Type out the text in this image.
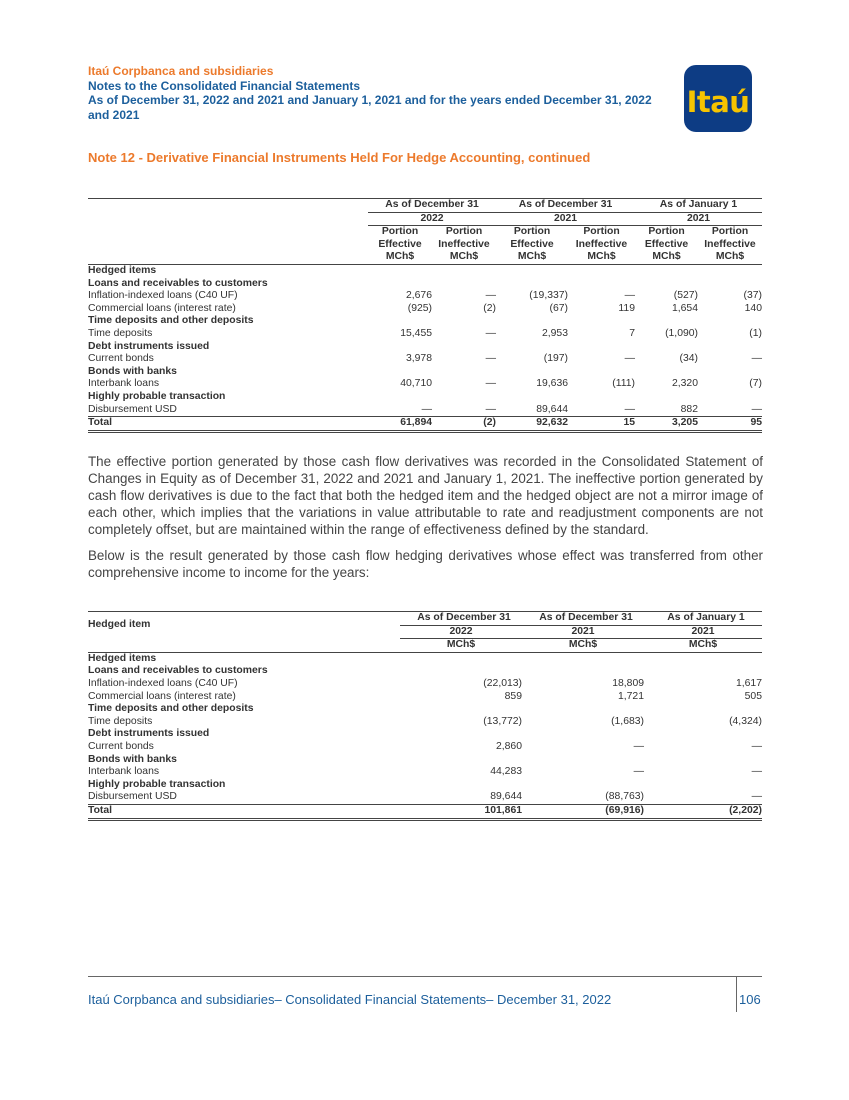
Itaú Corpbanca and subsidiaries
Notes to the Consolidated Financial Statements
As of December 31, 2022 and 2021 and January 1, 2021 and for the years ended December 31, 2022
and 2021	Itaú
Note 12 - Derivative Financial Instruments Held For Hedge Accounting, continued

	As of December 31		As of December 31		As of January 1	
	2022		2021		2021	
	Portion	Portion	Portion	Portion	Portion	Portion
	Effective	Ineffective	Effective	Ineffective	Effective	Ineffective
	MCh$	MCh$	MCh$	MCh$	MCh$	MCh$
Hedged items						
Loans and receivables to customers						
Inflation-indexed loans (C40 UF)	2,676	—	(19,337)	—	(527)	(37)
Commercial loans (interest rate)	(925)	(2)	(67)	119	1,654	140
Time deposits and other deposits						
Time deposits	15,455	—	2,953	7	(1,090)	(1)
Debt instruments issued						
Current bonds	3,978	—	(197)	—	(34)	—
Bonds with banks						
Interbank loans	40,710	—	19,636	(111)	2,320	(7)
Highly probable transaction						
Disbursement USD	—	—	89,644	—	882	—
Total	61,894	(2)	92,632	15	3,205	95

The effective portion generated by those cash flow derivatives was recorded in the Consolidated Statement of Changes in Equity as of December 31, 2022 and 2021 and January 1, 2021. The ineffective portion generated by cash flow derivatives is due to the fact that both the hedged item and the hedged object are not a mirror image of each other, which implies that the variations in value attributable to rate and readjustment components are not completely offset, but are maintained within the range of effectiveness defined by the standard.

Below is the result generated by those cash flow hedging derivatives whose effect was transferred from other comprehensive income to income for the years:

Hedged item	As of December 31	As of December 31	As of January 1
	2022	2021	2021
	MCh$	MCh$	MCh$
Hedged items			
Loans and receivables to customers			
Inflation-indexed loans (C40 UF)	(22,013)	18,809	1,617
Commercial loans (interest rate)	859	1,721	505
Time deposits and other deposits			
Time deposits	(13,772)	(1,683)	(4,324)
Debt instruments issued			
Current bonds	2,860	—	—
Bonds with banks			
Interbank loans	44,283	—	—
Highly probable transaction			
Disbursement USD	89,644	(88,763)	—
Total	101,861	(69,916)	(2,202)
Itaú Corpbanca and subsidiaries– Consolidated Financial Statements– December 31, 2022	106
